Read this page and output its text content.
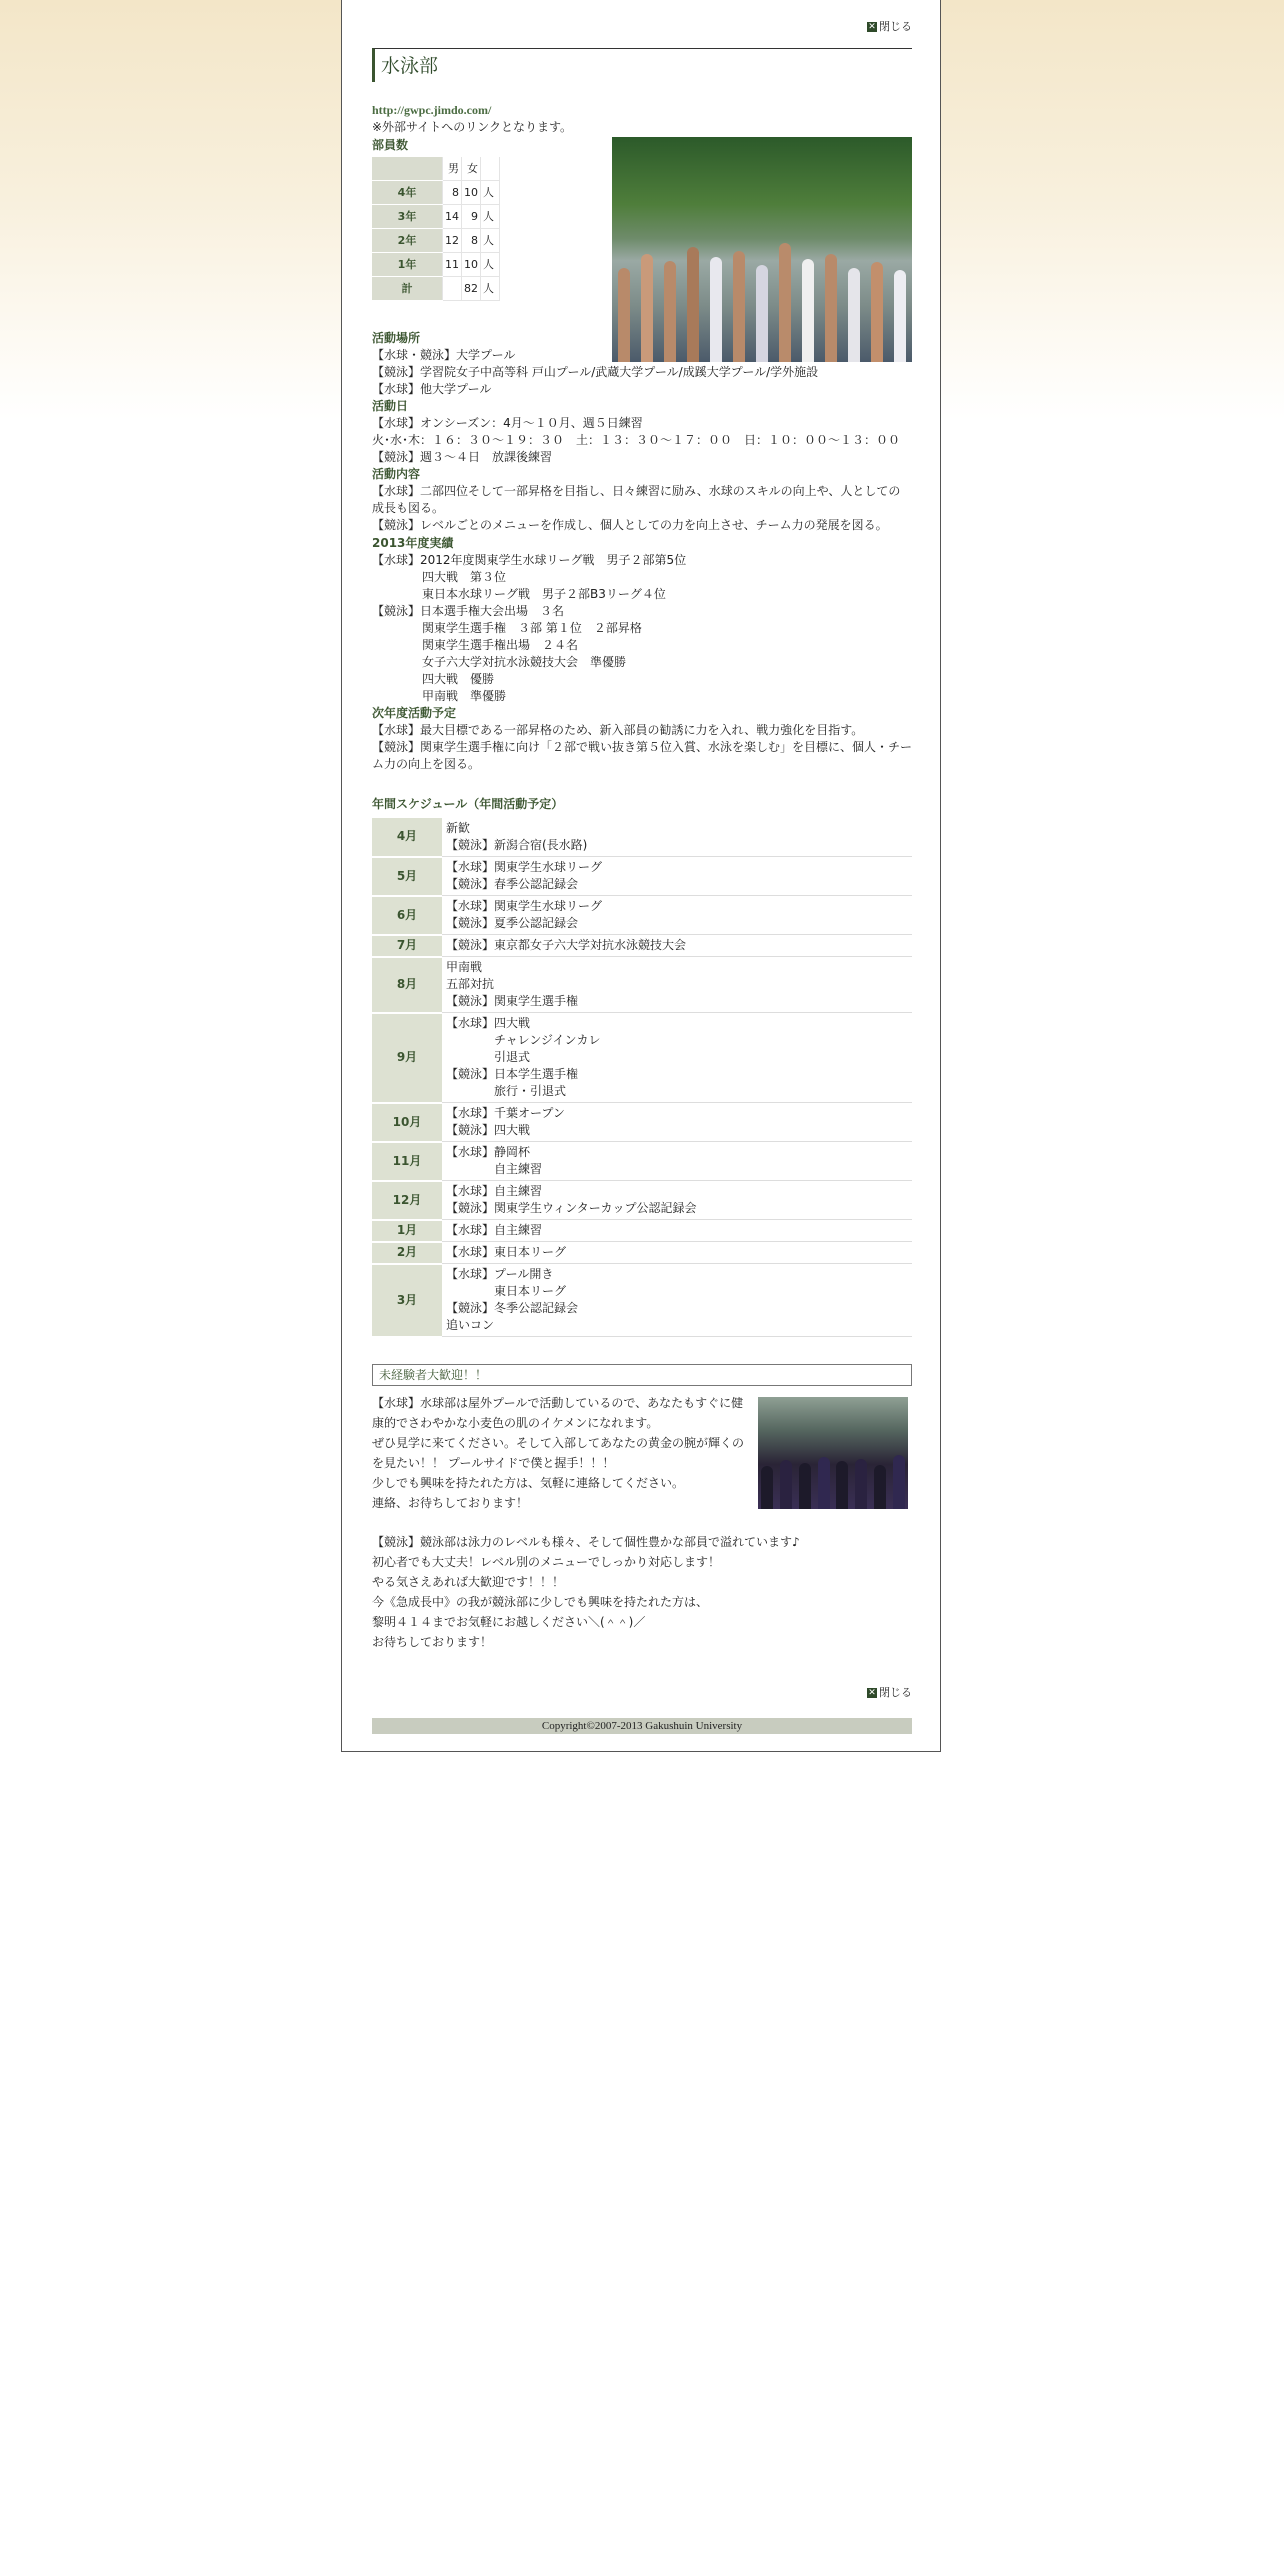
✕ 閉じる
水泳部
http://gwpc.jimdo.com/
※外部サイトへのリンクとなります。
部員数
	男	女	
4年	8	10	人
3年	14	9	人
2年	12	8	人
1年	11	10	人
計		82	人
活動場所
【水球・競泳】大学プール
【競泳】学習院女子中高等科 戸山プール/武蔵大学プール/成蹊大学プール/学外施設
【水球】他大学プール
活動日
【水球】オンシーズン：4月～１０月、週５日練習
火･水･木：１６：３０～１９：３０　土：１３：３０～１７：００　日：１０：００～１３：００
【競泳】週３～４日　放課後練習
活動内容
【水球】二部四位そして一部昇格を目指し、日々練習に励み、水球のスキルの向上や、人としての成長も図る。
【競泳】レベルごとのメニューを作成し、個人としての力を向上させ、チーム力の発展を図る。
2013年度実績
【水球】2012年度関東学生水球リーグ戦　男子２部第5位
四大戦　第３位
東日本水球リーグ戦　男子２部B3リーグ４位
【競泳】日本選手権大会出場　３名
関東学生選手権　３部 第１位　２部昇格
関東学生選手権出場　２４名
女子六大学対抗水泳競技大会　準優勝
四大戦　優勝
甲南戦　準優勝
次年度活動予定
【水球】最大目標である一部昇格のため、新入部員の勧誘に力を入れ、戦力強化を目指す。
【競泳】関東学生選手権に向け「２部で戦い抜き第５位入賞、水泳を楽しむ」を目標に、個人・チーム力の向上を図る。
年間スケジュール（年間活動予定）
4月	新歓
【競泳】新潟合宿(長水路)

5月	【水球】関東学生水球リーグ
【競泳】春季公認記録会

6月	【水球】関東学生水球リーグ
【競泳】夏季公認記録会

7月	【競泳】東京都女子六大学対抗水泳競技大会

8月	甲南戦
五部対抗
【競泳】関東学生選手権

9月	【水球】四大戦
　　　　チャレンジインカレ
　　　　引退式
【競泳】日本学生選手権
　　　　旅行・引退式

10月	【水球】千葉オープン
【競泳】四大戦

11月	【水球】静岡杯
　　　　自主練習

12月	【水球】自主練習
【競泳】関東学生ウィンターカップ公認記録会

1月	【水球】自主練習

2月	【水球】東日本リーグ

3月	【水球】プール開き
　　　　東日本リーグ
【競泳】冬季公認記録会
追いコン
未経験者大歓迎！！
【水球】水球部は屋外プールで活動しているので、あなたもすぐに健康的でさわやかな小麦色の肌のイケメンになれます。
ぜひ見学に来てください。そして入部してあなたの黄金の腕が輝くのを見たい！！ プールサイドで僕と握手！！！
少しでも興味を持たれた方は、気軽に連絡してください。
連絡、お待ちしております！
【競泳】競泳部は泳力のレベルも様々、そして個性豊かな部員で溢れています♪
初心者でも大丈夫！レベル別のメニューでしっかり対応します！
やる気さえあれば大歓迎です！！！
今《急成長中》の我が競泳部に少しでも興味を持たれた方は、
黎明４１４までお気軽にお越しください＼(＾＾)／
お待ちしております！
✕ 閉じる
Copyright©2007-2013 Gakushuin University
